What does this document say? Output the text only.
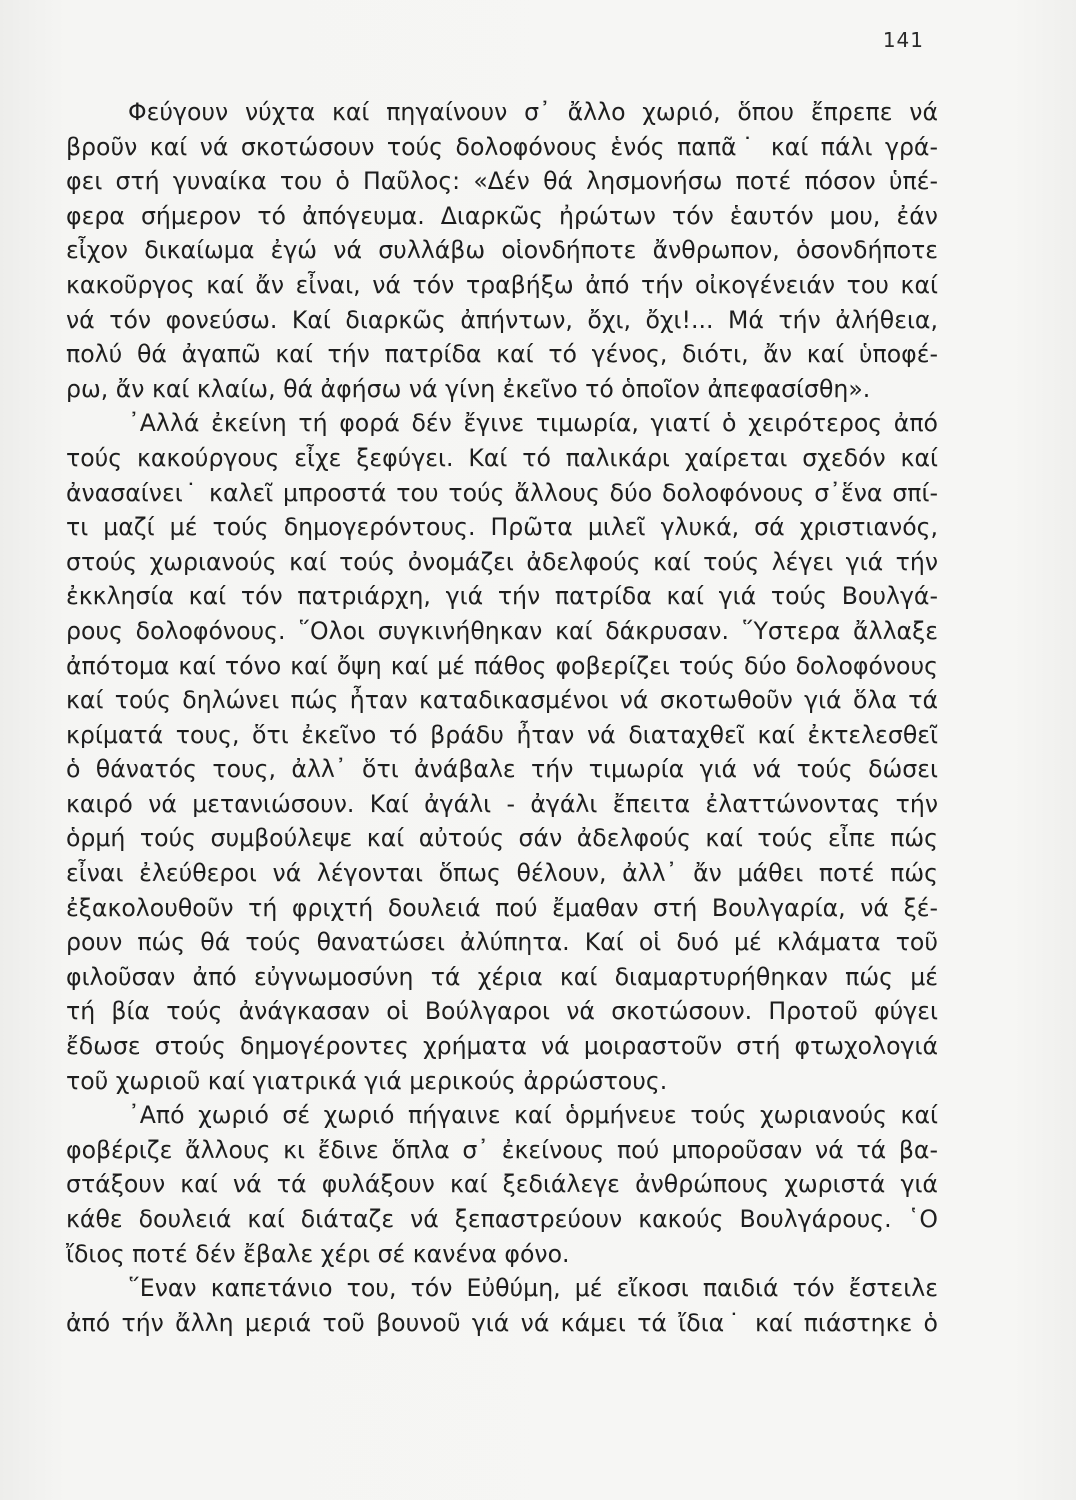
141
Φεύγουν νύχτα καί πηγαίνουν σ᾽ ἄλλο χωριό, ὅπου ἔπρεπε νά
βροῦν καί νά σκοτώσουν τούς δολοφόνους ἑνός παπᾶ˙ καί πάλι γρά-
φει στή γυναίκα του ὁ Παῦλος: «Δέν θά λησμονήσω ποτέ πόσον ὑπέ-
φερα σήμερον τό ἀπόγευμα. Διαρκῶς ἠρώτων τόν ἑαυτόν μου, ἐάν
εἶχον δικαίωμα ἐγώ νά συλλάβω οἱονδήποτε ἄνθρωπον, ὁσονδήποτε
κακοῦργος καί ἄν εἶναι, νά τόν τραβήξω ἀπό τήν οἰκογένειάν του καί
νά τόν φονεύσω. Καί διαρκῶς ἀπήντων, ὄχι, ὄχι!... Μά τήν ἀλήθεια,
πολύ θά ἀγαπῶ καί τήν πατρίδα καί τό γένος, διότι, ἄν καί ὑποφέ-
ρω, ἄν καί κλαίω, θά ἀφήσω νά γίνη ἐκεῖνο τό ὁποῖον ἀπεφασίσθη».
᾽Αλλά ἐκείνη τή φορά δέν ἔγινε τιμωρία, γιατί ὁ χειρότερος ἀπό
τούς κακούργους εἶχε ξεφύγει. Καί τό παλικάρι χαίρεται σχεδόν καί
ἀνασαίνει˙ καλεῖ μπροστά του τούς ἄλλους δύο δολοφόνους σ᾽ἕνα σπί-
τι μαζί μέ τούς δημογερόντους. Πρῶτα μιλεῖ γλυκά, σά χριστιανός,
στούς χωριανούς καί τούς ὀνομάζει ἀδελφούς καί τούς λέγει γιά τήν
ἐκκλησία καί τόν πατριάρχη, γιά τήν πατρίδα καί γιά τούς Βουλγά-
ρους δολοφόνους. ῞Ολοι συγκινήθηκαν καί δάκρυσαν. ῞Υστερα ἄλλαξε
ἀπότομα καί τόνο καί ὄψη καί μέ πάθος φοβερίζει τούς δύο δολοφόνους
καί τούς δηλώνει πώς ἦταν καταδικασμένοι νά σκοτωθοῦν γιά ὅλα τά
κρίματά τους, ὅτι ἐκεῖνο τό βράδυ ἦταν νά διαταχθεῖ καί ἐκτελεσθεῖ
ὁ θάνατός τους, ἀλλ᾽ ὅτι ἀνάβαλε τήν τιμωρία γιά νά τούς δώσει
καιρό νά μετανιώσουν. Καί ἀγάλι - ἀγάλι ἔπειτα ἐλαττώνοντας τήν
ὁρμή τούς συμβούλεψε καί αὐτούς σάν ἀδελφούς καί τούς εἶπε πώς
εἶναι ἐλεύθεροι νά λέγονται ὅπως θέλουν, ἀλλ᾽ ἄν μάθει ποτέ πώς
ἐξακολουθοῦν τή φριχτή δουλειά πού ἔμαθαν στή Βουλγαρία, νά ξέ-
ρουν πώς θά τούς θανατώσει ἀλύπητα. Καί οἱ δυό μέ κλάματα τοῦ
φιλοῦσαν ἀπό εὐγνωμοσύνη τά χέρια καί διαμαρτυρήθηκαν πώς μέ
τή βία τούς ἀνάγκασαν οἱ Βούλγαροι νά σκοτώσουν. Προτοῦ φύγει
ἔδωσε στούς δημογέροντες χρήματα νά μοιραστοῦν στή φτωχολογιά
τοῦ χωριοῦ καί γιατρικά γιά μερικούς ἀρρώστους.
᾽Από χωριό σέ χωριό πήγαινε καί ὁρμήνευε τούς χωριανούς καί
φοβέριζε ἄλλους κι ἔδινε ὅπλα σ᾽ ἐκείνους πού μποροῦσαν νά τά βα-
στάξουν καί νά τά φυλάξουν καί ξεδιάλεγε ἀνθρώπους χωριστά γιά
κάθε δουλειά καί διάταζε νά ξεπαστρεύουν κακούς Βουλγάρους. ῾Ο
ἴδιος ποτέ δέν ἔβαλε χέρι σέ κανένα φόνο.
῞Εναν καπετάνιο του, τόν Εὐθύμη, μέ εἴκοσι παιδιά τόν ἔστειλε
ἀπό τήν ἄλλη μεριά τοῦ βουνοῦ γιά νά κάμει τά ἴδια˙ καί πιάστηκε ὁ
